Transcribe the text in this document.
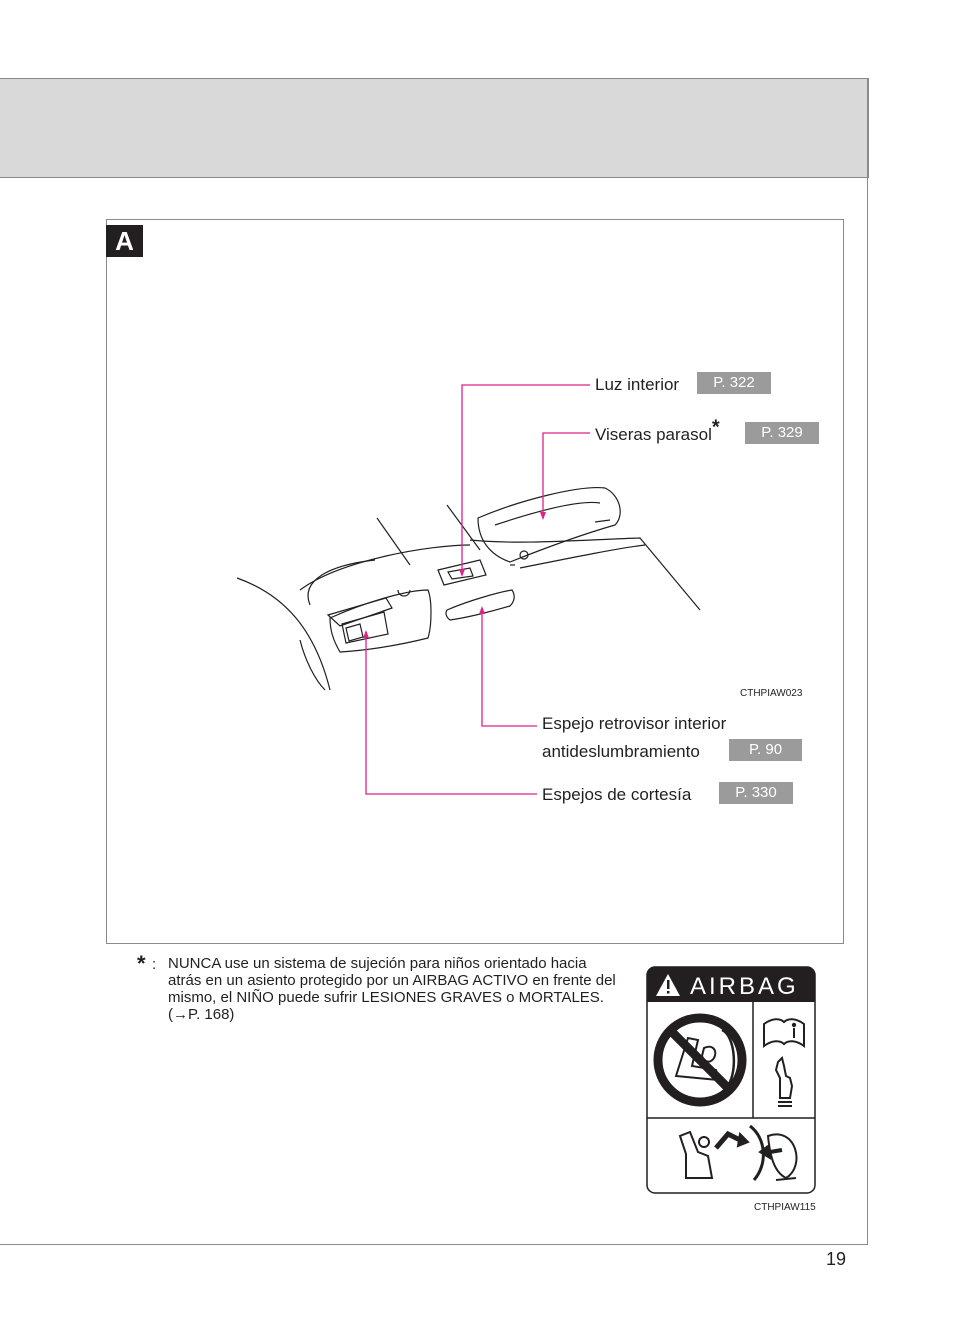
19
A
Luz interior	P. 322
Viseras parasol*	P. 329
Espejo retrovisor interior
antideslumbramiento	P. 90
Espejos de cortesía	P. 330
CTHPIAW023
* : NUNCA use un sistema de sujeción para niños orientado hacia atrás en un asiento protegido por un AIRBAG ACTIVO en frente del mismo, el NIÑO puede sufrir LESIONES GRAVES o MORTALES. (→P. 168)
AIRBAG
CTHPIAW115
